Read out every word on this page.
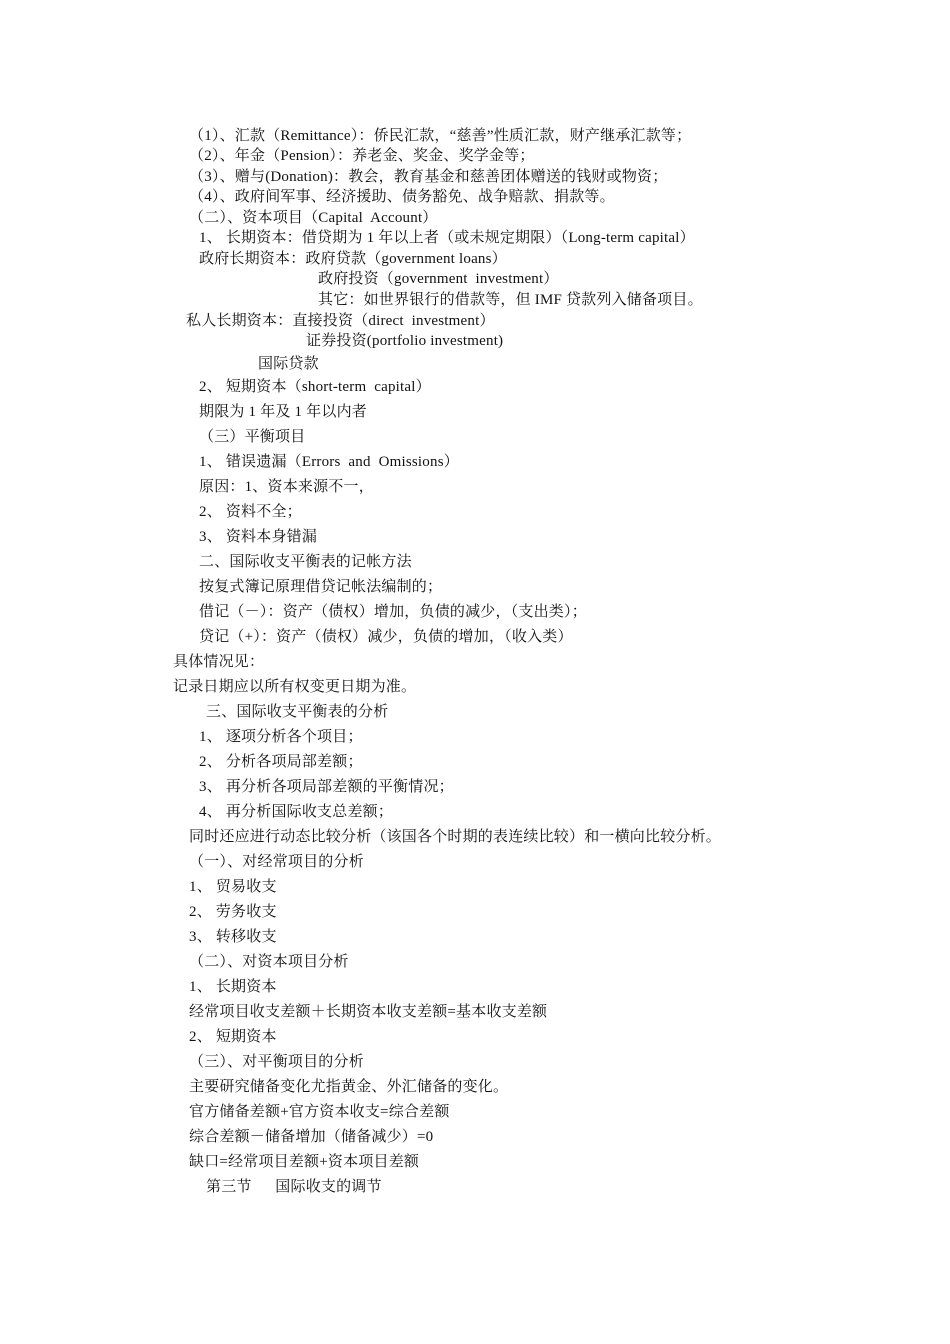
（1）、汇款（Remittance）：侨民汇款，“慈善”性质汇款，财产继承汇款等；
（2）、年金（Pension）：养老金、奖金、奖学金等；
（3）、赠与(Donation)：教会，教育基金和慈善团体赠送的钱财或物资；
（4）、政府间军事、经济援助、债务豁免、战争赔款、捐款等。
（二）、资本项目（Capital  Account）
1、 长期资本：借贷期为 1 年以上者（或未规定期限）（Long-term capital）
政府长期资本：政府贷款（government loans）
政府投资（government  investment）
其它：如世界银行的借款等，但 IMF 贷款列入储备项目。
私人长期资本：直接投资（direct  investment）
证券投资(portfolio investment)
国际贷款
2、 短期资本（short-term  capital）
期限为 1 年及 1 年以内者
（三）平衡项目
1、 错误遗漏（Errors  and  Omissions）
原因：1、资本来源不一，
2、 资料不全；
3、 资料本身错漏
二、国际收支平衡表的记帐方法
按复式簿记原理借贷记帐法编制的；
借记（－）：资产（债权）增加，负债的减少，（支出类）；
贷记（+）：资产（债权）减少，负债的增加，（收入类）
具体情况见：
记录日期应以所有权变更日期为准。
三、国际收支平衡表的分析
1、 逐项分析各个项目；
2、 分析各项局部差额；
3、 再分析各项局部差额的平衡情况；
4、 再分析国际收支总差额；
同时还应进行动态比较分析（该国各个时期的表连续比较）和一横向比较分析。
（一）、对经常项目的分析
1、 贸易收支
2、 劳务收支
3、 转移收支
（二）、对资本项目分析
1、 长期资本
经常项目收支差额＋长期资本收支差额=基本收支差额
2、 短期资本
（三）、对平衡项目的分析
主要研究储备变化尤指黄金、外汇储备的变化。
官方储备差额+官方资本收支=综合差额
综合差额－储备增加（储备减少）=0
缺口=经常项目差额+资本项目差额
第三节      国际收支的调节
